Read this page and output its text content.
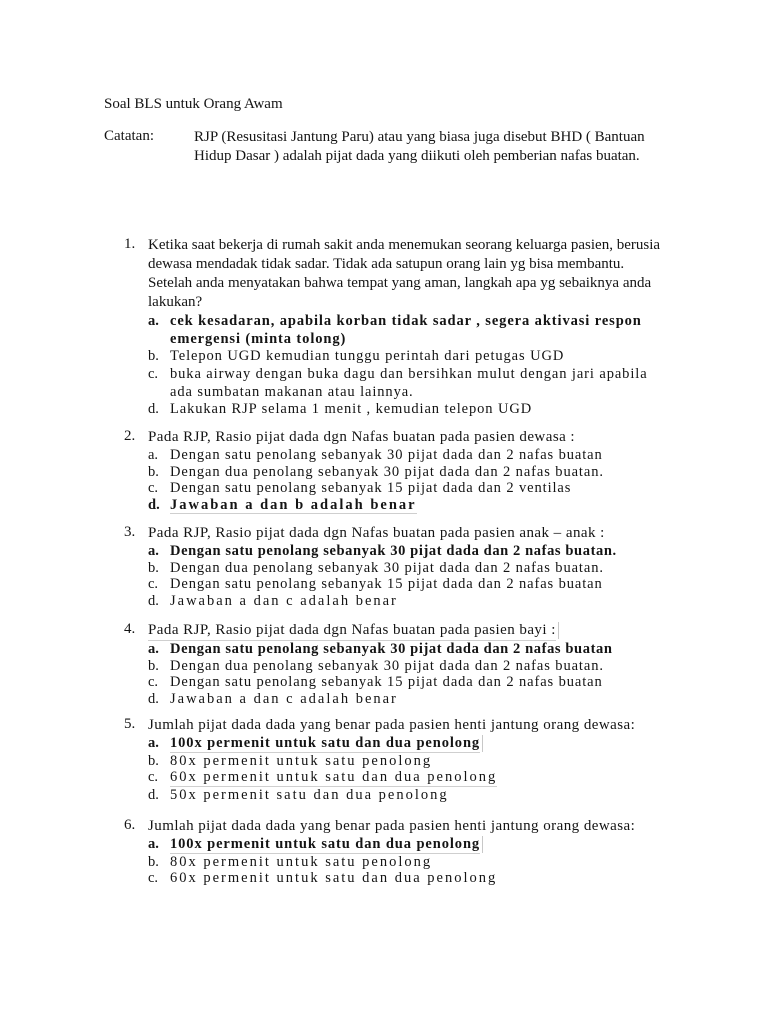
Soal BLS untuk Orang Awam
Catatan:	RJP (Resusitasi Jantung Paru) atau yang biasa juga disebut BHD ( Bantuan Hidup Dasar ) adalah pijat dada yang diikuti oleh pemberian nafas buatan.
1. Ketika saat bekerja di rumah sakit anda menemukan seorang keluarga pasien, berusia dewasa mendadak tidak sadar. Tidak ada satupun orang lain yg bisa membantu. Setelah anda menyatakan bahwa tempat yang aman, langkah apa yg sebaiknya anda lakukan?
a. cek kesadaran, apabila korban tidak sadar , segera aktivasi respon emergensi (minta tolong)
b. Telepon UGD kemudian tunggu perintah dari petugas UGD
c. buka airway dengan buka dagu dan bersihkan mulut dengan jari apabila ada sumbatan makanan atau lainnya.
d. Lakukan RJP selama 1 menit , kemudian telepon UGD
2. Pada RJP, Rasio pijat dada dgn Nafas buatan pada pasien dewasa :
a. Dengan satu penolang sebanyak 30 pijat dada dan 2 nafas buatan
b. Dengan dua penolang sebanyak 30 pijat dada dan 2 nafas buatan.
c. Dengan satu penolang sebanyak 15 pijat dada dan 2 ventilas
d. Jawaban a dan b adalah benar
3. Pada RJP, Rasio pijat dada dgn Nafas buatan pada pasien anak – anak :
a. Dengan satu penolang sebanyak 30 pijat dada dan 2 nafas buatan.
b. Dengan dua penolang sebanyak 30 pijat dada dan 2 nafas buatan.
c. Dengan satu penolang sebanyak 15 pijat dada dan 2 nafas buatan
d. Jawaban a dan c adalah benar
4. Pada RJP, Rasio pijat dada dgn Nafas buatan pada pasien bayi :
a. Dengan satu penolang sebanyak 30 pijat dada dan 2 nafas buatan
b. Dengan dua penolang sebanyak 30 pijat dada dan 2 nafas buatan.
c. Dengan satu penolang sebanyak 15 pijat dada dan 2 nafas buatan
d. Jawaban a dan c adalah benar
5. Jumlah pijat dada dada yang benar pada pasien henti jantung orang dewasa:
a. 100x permenit untuk satu dan dua penolong
b. 80x permenit untuk satu penolong
c. 60x permenit untuk satu dan dua penolong
d. 50x permenit satu dan dua penolong
6. Jumlah pijat dada dada yang benar pada pasien henti jantung orang dewasa:
a. 100x permenit untuk satu dan dua penolong
b. 80x permenit untuk satu penolong
c. 60x permenit untuk satu dan dua penolong
